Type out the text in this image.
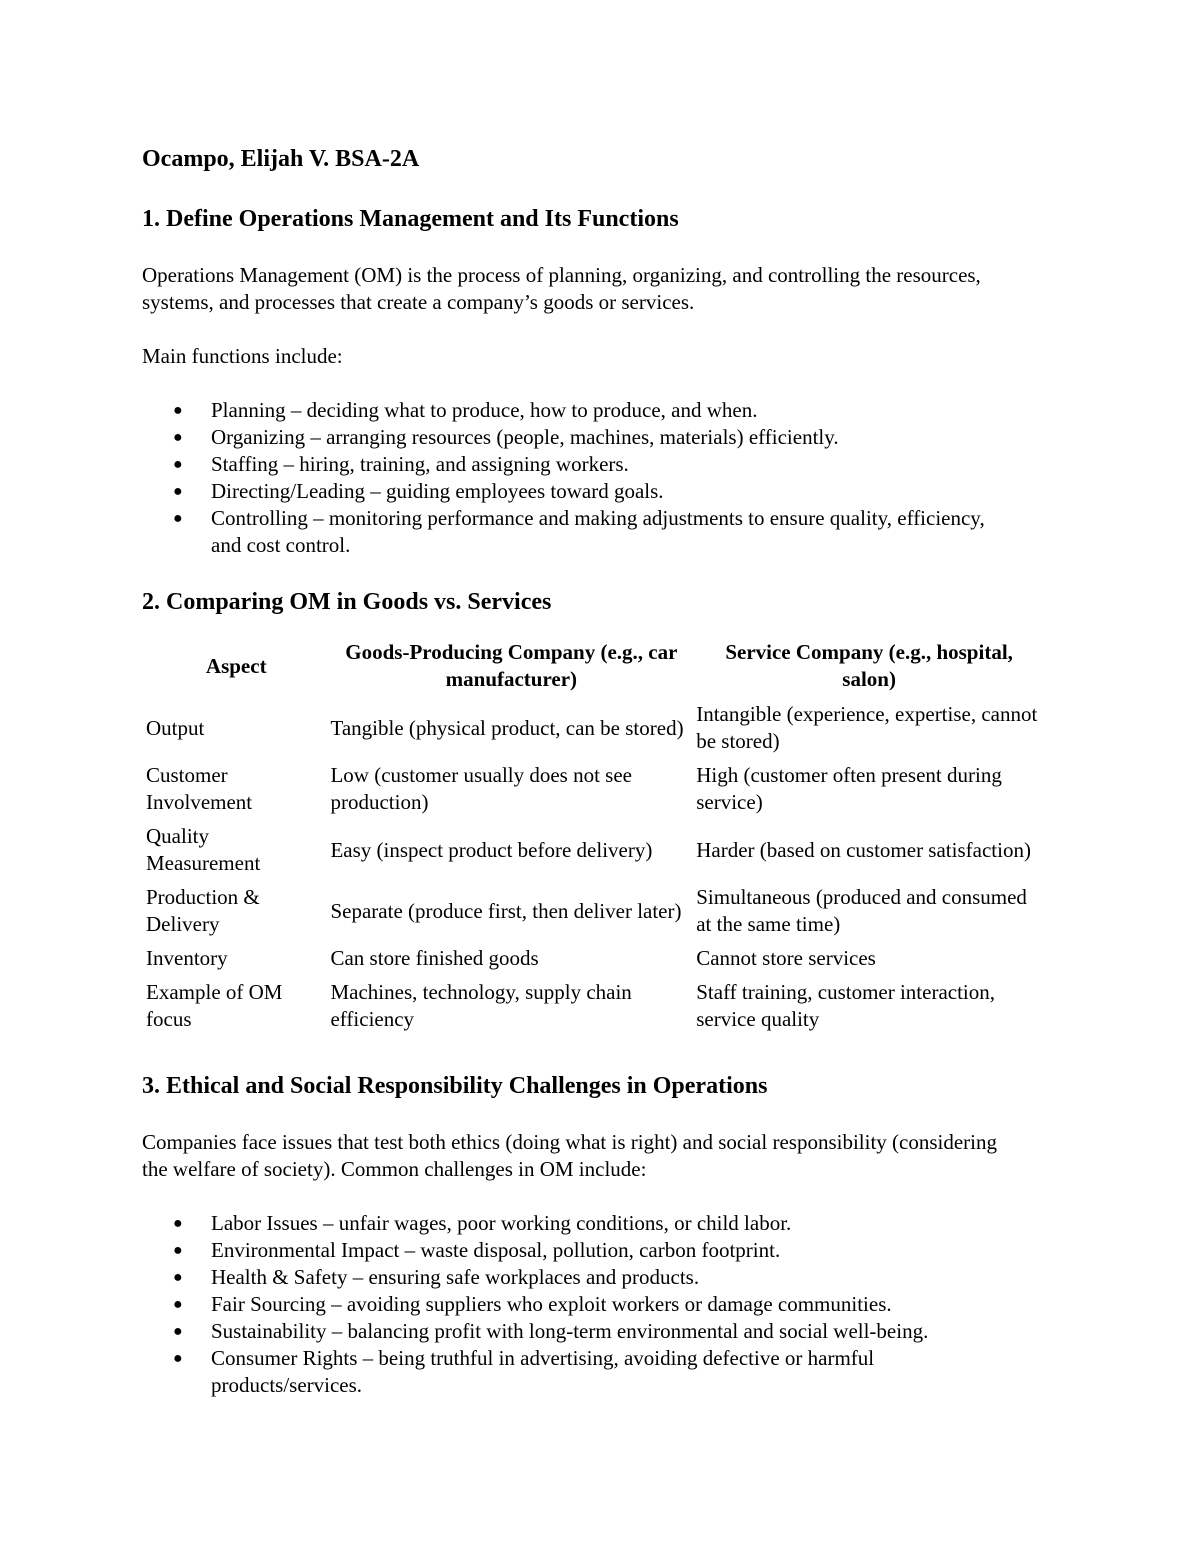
Ocampo, Elijah V. BSA-2A

1. Define Operations Management and Its Functions

Operations Management (OM) is the process of planning, organizing, and controlling the resources, systems, and processes that create a company’s goods or services.

Main functions include:

● Planning – deciding what to produce, how to produce, and when.
● Organizing – arranging resources (people, machines, materials) efficiently.
● Staffing – hiring, training, and assigning workers.
● Directing/Leading – guiding employees toward goals.
● Controlling – monitoring performance and making adjustments to ensure quality, efficiency, and cost control.

2. Comparing OM in Goods vs. Services

Aspect	Goods-Producing Company (e.g., car manufacturer)	Service Company (e.g., hospital, salon)
Output	Tangible (physical product, can be stored)	Intangible (experience, expertise, cannot be stored)
Customer Involvement	Low (customer usually does not see production)	High (customer often present during service)
Quality Measurement	Easy (inspect product before delivery)	Harder (based on customer satisfaction)
Production & Delivery	Separate (produce first, then deliver later)	Simultaneous (produced and consumed at the same time)
Inventory	Can store finished goods	Cannot store services
Example of OM focus	Machines, technology, supply chain efficiency	Staff training, customer interaction, service quality

3. Ethical and Social Responsibility Challenges in Operations

Companies face issues that test both ethics (doing what is right) and social responsibility (considering the welfare of society). Common challenges in OM include:

● Labor Issues – unfair wages, poor working conditions, or child labor.
● Environmental Impact – waste disposal, pollution, carbon footprint.
● Health & Safety – ensuring safe workplaces and products.
● Fair Sourcing – avoiding suppliers who exploit workers or damage communities.
● Sustainability – balancing profit with long-term environmental and social well-being.
● Consumer Rights – being truthful in advertising, avoiding defective or harmful products/services.
